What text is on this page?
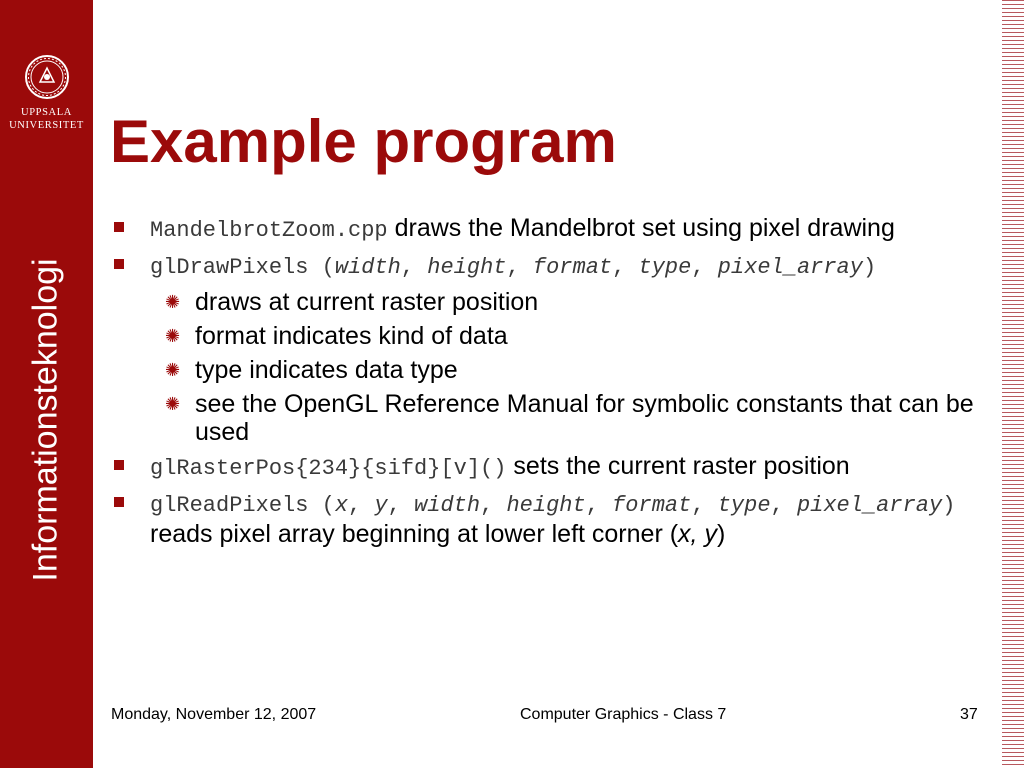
UPPSALA
UNIVERSITET
Informationsteknologi
Example program
MandelbrotZoom.cpp draws the Mandelbrot set using pixel drawing
glDrawPixels (width, height, format, type, pixel_array)
✺ draws at current raster position
✺ format indicates kind of data
✺ type indicates data type
✺ see the OpenGL Reference Manual for symbolic constants that can be used
glRasterPos{234}{sifd}[v]() sets the current raster position
glReadPixels (x, y, width, height, format, type, pixel_array) reads pixel array beginning at lower left corner (x, y)
Monday, November 12, 2007	Computer Graphics - Class 7	37
